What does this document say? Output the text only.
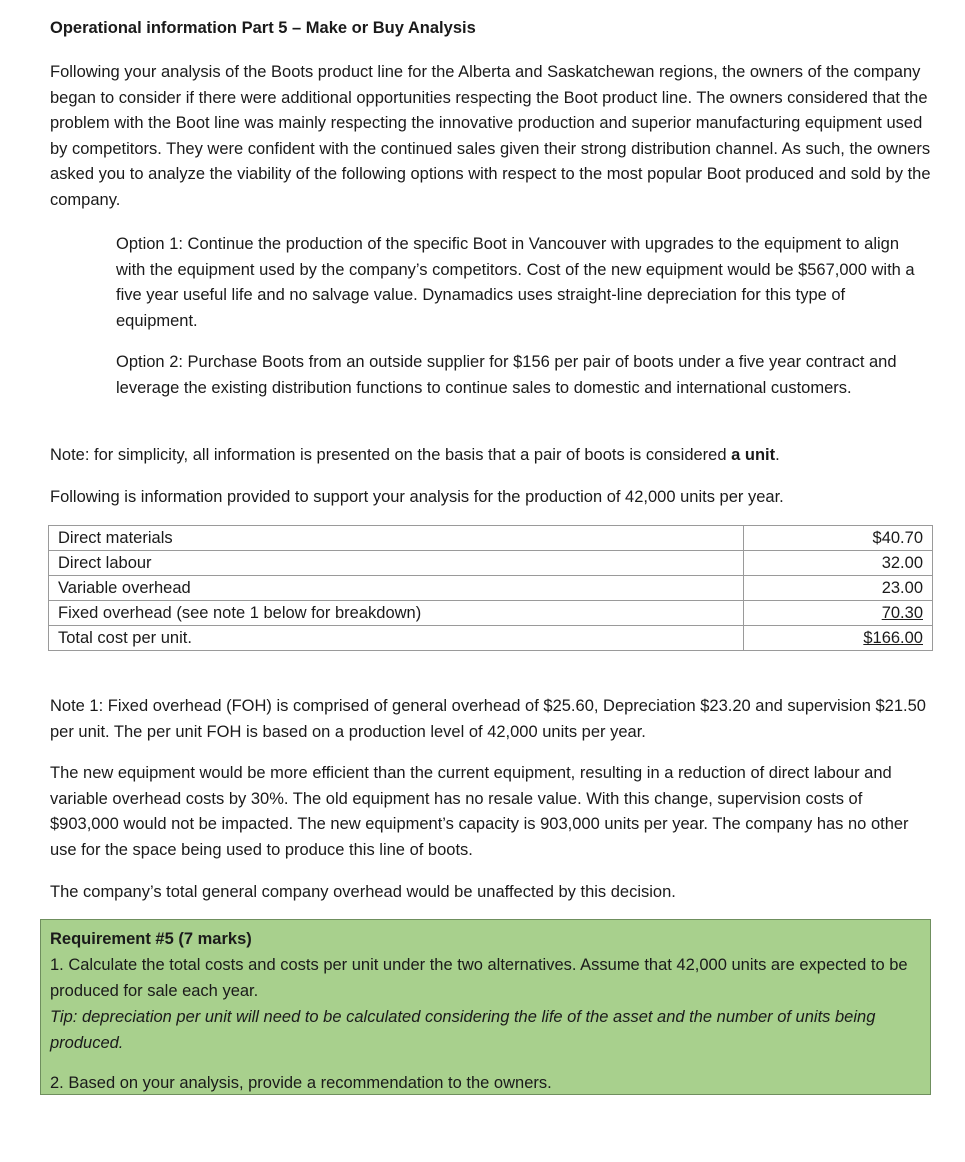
Operational information Part 5 – Make or Buy Analysis
Following your analysis of the Boots product line for the Alberta and Saskatchewan regions, the owners of the company began to consider if there were additional opportunities respecting the Boot product line. The owners considered that the problem with the Boot line was mainly respecting the innovative production and superior manufacturing equipment used by competitors. They were confident with the continued sales given their strong distribution channel. As such, the owners asked you to analyze the viability of the following options with respect to the most popular Boot produced and sold by the company.
Option 1: Continue the production of the specific Boot in Vancouver with upgrades to the equipment to align with the equipment used by the company’s competitors. Cost of the new equipment would be $567,000 with a five year useful life and no salvage value. Dynamadics uses straight-line depreciation for this type of equipment.
Option 2: Purchase Boots from an outside supplier for $156 per pair of boots under a five year contract and leverage the existing distribution functions to continue sales to domestic and international customers.
Note: for simplicity, all information is presented on the basis that a pair of boots is considered a unit.
Following is information provided to support your analysis for the production of 42,000 units per year.
Direct materials	$40.70
Direct labour	32.00
Variable overhead	23.00
Fixed overhead (see note 1 below for breakdown)	70.30
Total cost per unit.	$166.00
Note 1: Fixed overhead (FOH) is comprised of general overhead of $25.60, Depreciation $23.20 and supervision $21.50 per unit. The per unit FOH is based on a production level of 42,000 units per year.
The new equipment would be more efficient than the current equipment, resulting in a reduction of direct labour and variable overhead costs by 30%. The old equipment has no resale value. With this change, supervision costs of $903,000 would not be impacted. The new equipment’s capacity is 903,000 units per year. The company has no other use for the space being used to produce this line of boots.
The company’s total general company overhead would be unaffected by this decision.
Requirement #5 (7 marks)
1. Calculate the total costs and costs per unit under the two alternatives. Assume that 42,000 units are expected to be produced for sale each year.
Tip: depreciation per unit will need to be calculated considering the life of the asset and the number of units being produced.
2. Based on your analysis, provide a recommendation to the owners.
